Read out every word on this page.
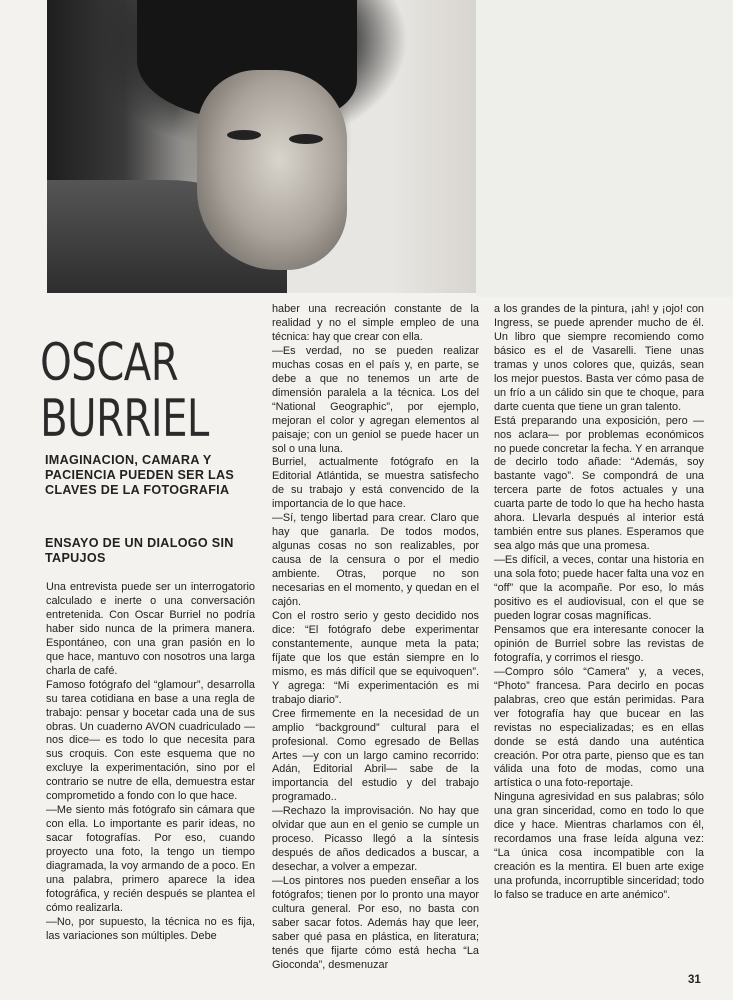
OSCAR
BURRIEL
IMAGINACION, CAMARA Y PACIENCIA PUEDEN SER LAS CLAVES DE LA FOTOGRAFIA
ENSAYO DE UN DIALOGO SIN TAPUJOS

Una entrevista puede ser un interrogatorio calculado e inerte o una conversación entretenida. Con Oscar Burriel no podría haber sido nunca de la primera manera. Espontáneo, con una gran pasión en lo que hace, mantuvo con nosotros una larga charla de café.

Famoso fotógrafo del “glamour”, desarrolla su tarea cotidiana en base a una regla de trabajo: pensar y bocetar cada una de sus obras. Un cuaderno AVON cuadriculado —nos dice— es todo lo que necesita para sus croquis. Con este esquema que no excluye la experimentación, sino por el contrario se nutre de ella, demuestra estar comprometido a fondo con lo que hace.

—Me siento más fotógrafo sin cámara que con ella. Lo importante es parir ideas, no sacar fotografías. Por eso, cuando proyecto una foto, la tengo un tiempo diagramada, la voy armando de a poco. En una palabra, primero aparece la idea fotográfica, y recién después se plantea el cómo realizarla.

—No, por supuesto, la técnica no es fija, las variaciones son múltiples. Debe

haber una recreación constante de la realidad y no el simple empleo de una técnica: hay que crear con ella.

—Es verdad, no se pueden realizar muchas cosas en el país y, en parte, se debe a que no tenemos un arte de dimensión paralela a la técnica. Los del “National Geographic”, por ejemplo, mejoran el color y agregan elementos al paisaje; con un geniol se puede hacer un sol o una luna.

Burriel, actualmente fotógrafo en la Editorial Atlántida, se muestra satisfecho de su trabajo y está convencido de la importancia de lo que hace.

—Sí, tengo libertad para crear. Claro que hay que ganarla. De todos modos, algunas cosas no son realizables, por causa de la censura o por el medio ambiente. Otras, porque no son necesarias en el momento, y quedan en el cajón.

Con el rostro serio y gesto decidido nos dice: “El fotógrafo debe experimentar constantemente, aunque meta la pata; fíjate que los que están siempre en lo mismo, es más difícil que se equivoquen”. Y agrega: “Mi experimentación es mi trabajo diario”.

Cree firmemente en la necesidad de un amplio “background” cultural para el profesional. Como egresado de Bellas Artes —y con un largo camino recorrido: Adán, Editorial Abril— sabe de la importancia del estudio y del trabajo programado..

—Rechazo la improvisación. No hay que olvidar que aun en el genio se cumple un proceso. Picasso llegó a la síntesis después de años dedicados a buscar, a desechar, a volver a empezar.

—Los pintores nos pueden enseñar a los fotógrafos; tienen por lo pronto una mayor cultura general. Por eso, no basta con saber sacar fotos. Además hay que leer, saber qué pasa en plástica, en literatura; tenés que fijarte cómo está hecha “La Gioconda”, desmenuzar

a los grandes de la pintura, ¡ah! y ¡ojo! con Ingress, se puede aprender mucho de él. Un libro que siempre recomiendo como básico es el de Vasarelli. Tiene unas tramas y unos colores que, quizás, sean los mejor puestos. Basta ver cómo pasa de un frío a un cálido sin que te choque, para darte cuenta que tiene un gran talento.

Está preparando una exposición, pero —nos aclara— por problemas económicos no puede concretar la fecha. Y en arranque de decirlo todo añade: “Además, soy bastante vago”. Se compondrá de una tercera parte de fotos actuales y una cuarta parte de todo lo que ha hecho hasta ahora. Llevarla después al interior está también entre sus planes. Esperamos que sea algo más que una promesa.

—Es difícil, a veces, contar una historia en una sola foto; puede hacer falta una voz en “off” que la acompañe. Por eso, lo más positivo es el audiovisual, con el que se pueden lograr cosas magníficas.

Pensamos que era interesante conocer la opinión de Burriel sobre las revistas de fotografía, y corrimos el riesgo.

—Compro sólo “Camera” y, a veces, “Photo” francesa. Para decirlo en pocas palabras, creo que están perimidas. Para ver fotografía hay que bucear en las revistas no especializadas; es en ellas donde se está dando una auténtica creación. Por otra parte, pienso que es tan válida una foto de modas, como una artística o una foto-reportaje.

Ninguna agresividad en sus palabras; sólo una gran sinceridad, como en todo lo que dice y hace. Mientras charlamos con él, recordamos una frase leída alguna vez: “La única cosa incompatible con la creación es la mentira. El buen arte exige una profunda, incorruptible sinceridad; todo lo falso se traduce en arte anémico”.

31
